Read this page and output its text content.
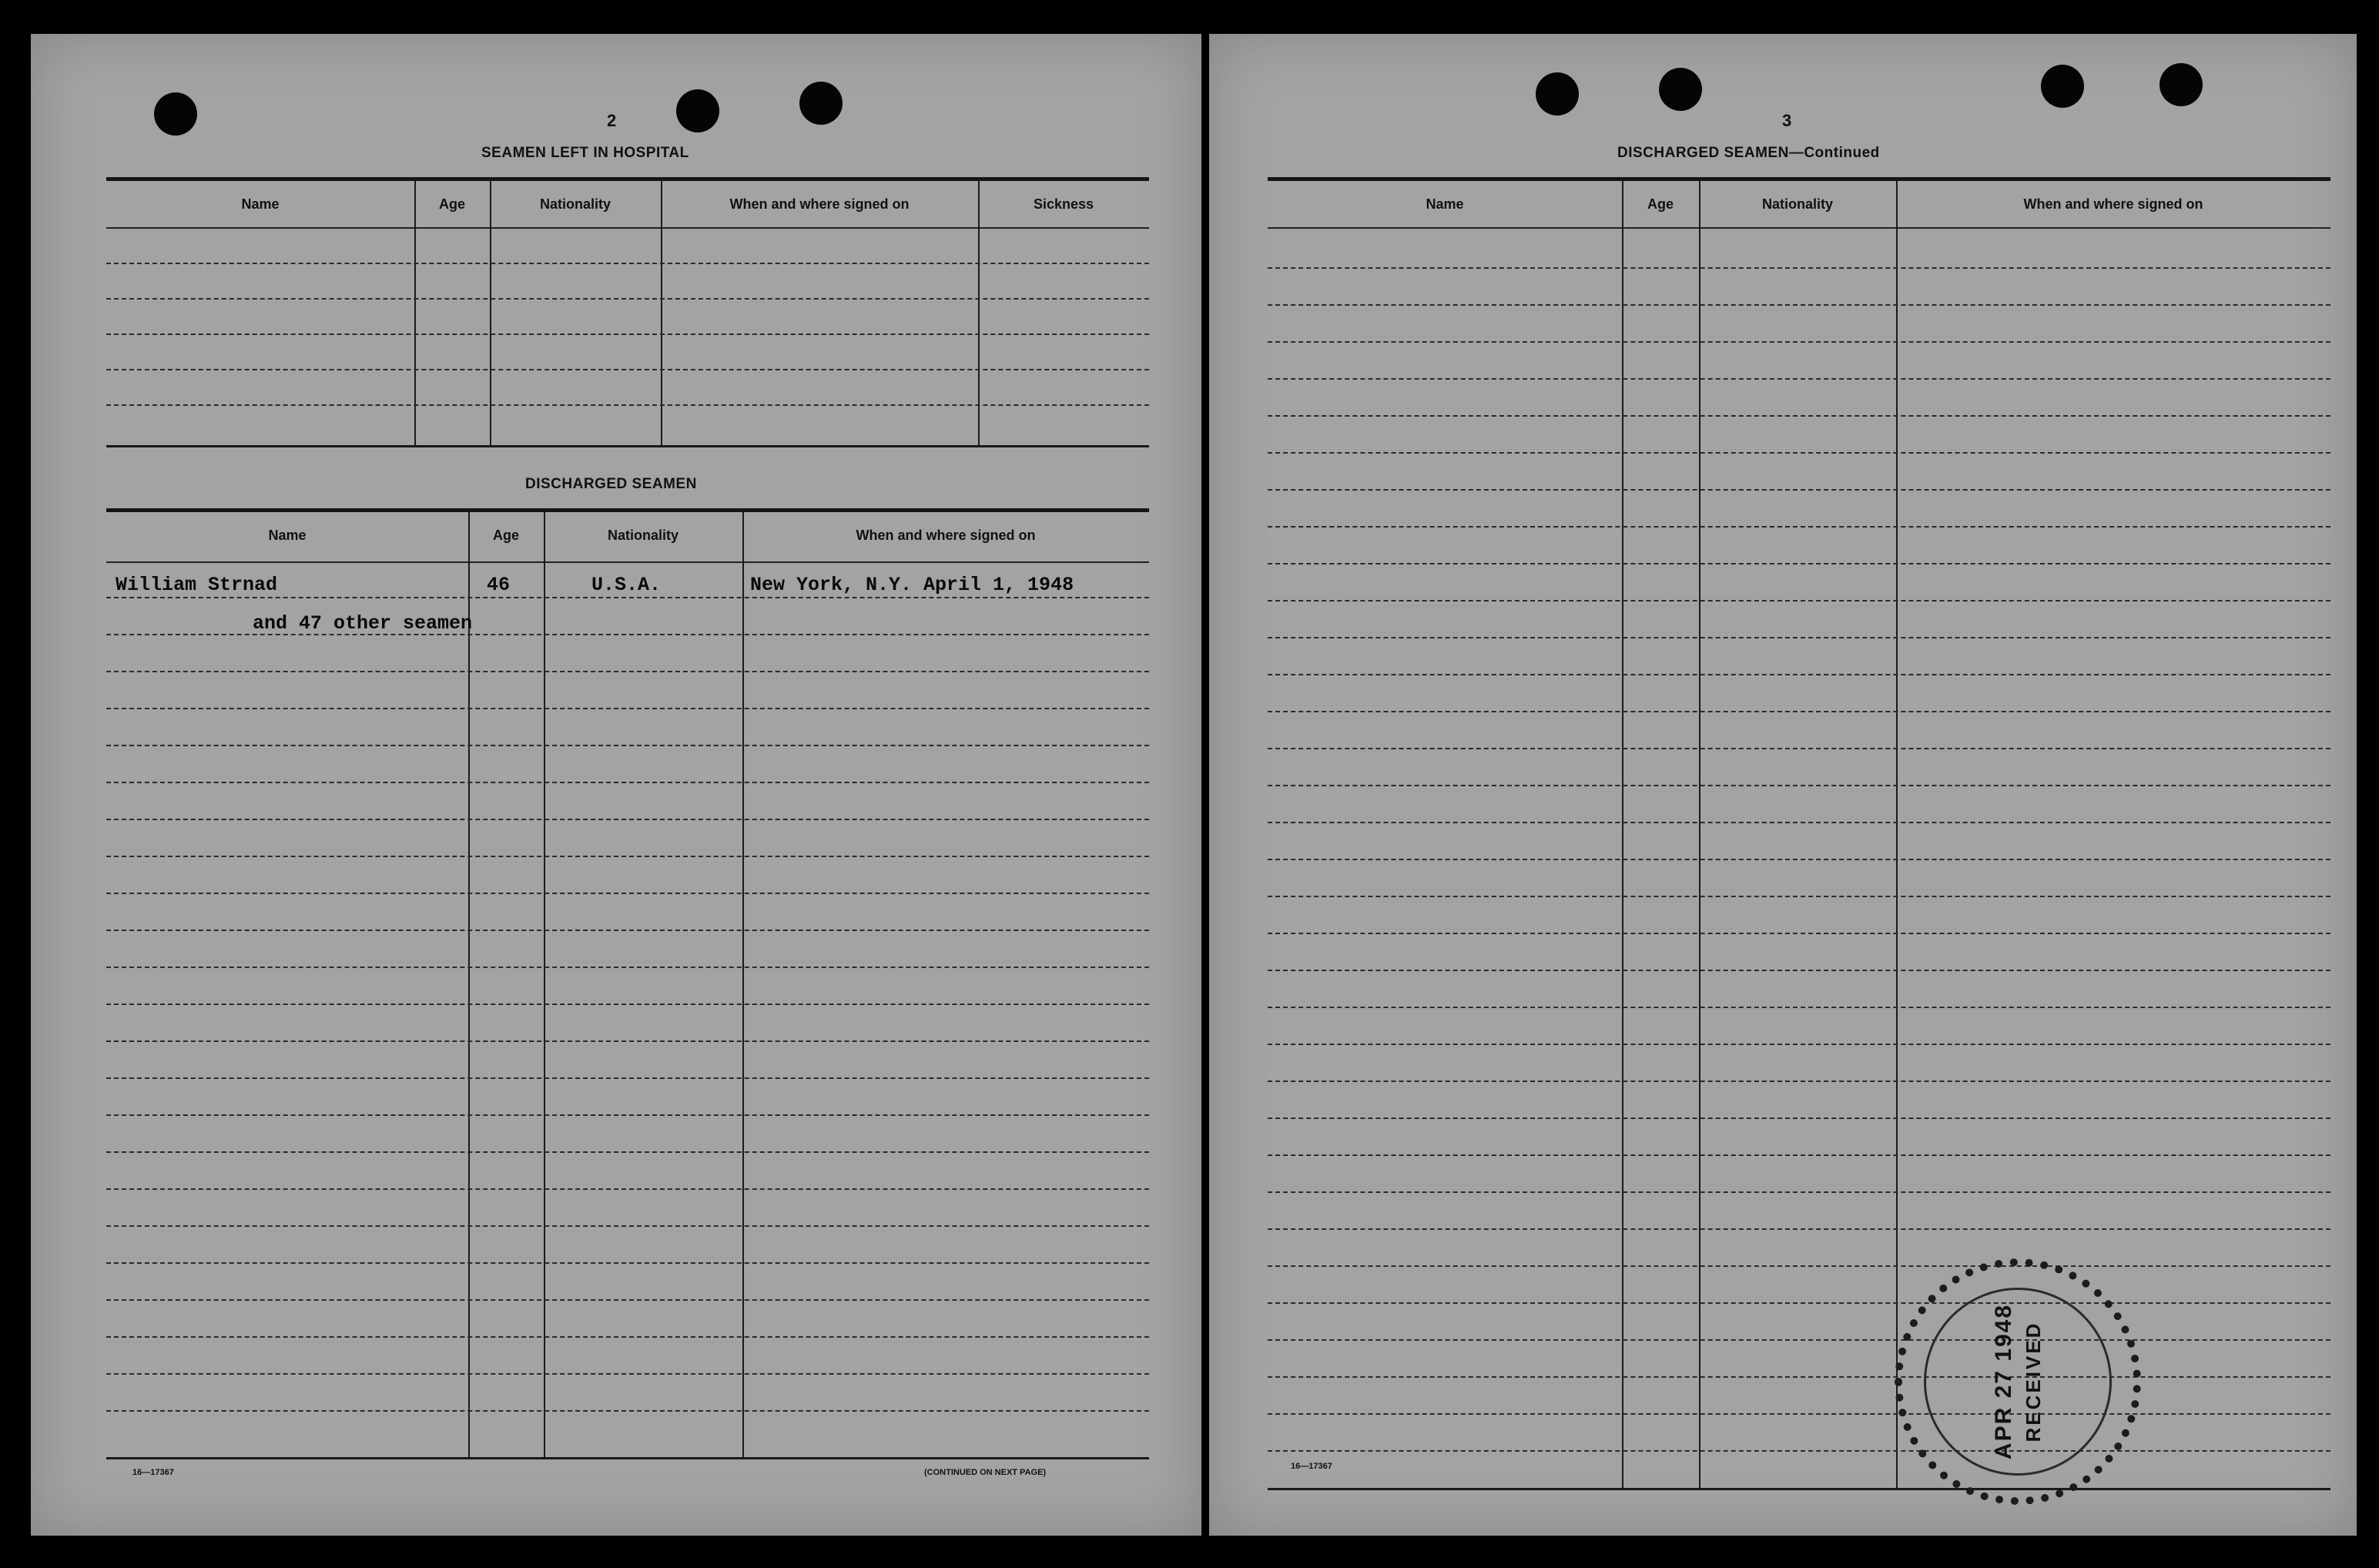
2
SEAMEN LEFT IN HOSPITAL
Name	Age	Nationality	When and where signed on	Sickness
DISCHARGED SEAMEN
Name	Age	Nationality	When and where signed on
William Strnad	46	U.S.A.	New York, N.Y. April 1, 1948
and 47 other seamen
16—17367	(CONTINUED ON NEXT PAGE)
3
DISCHARGED SEAMEN—Continued
Name	Age	Nationality	When and where signed on
APR 27 1948 RECEIVED
16—17367
